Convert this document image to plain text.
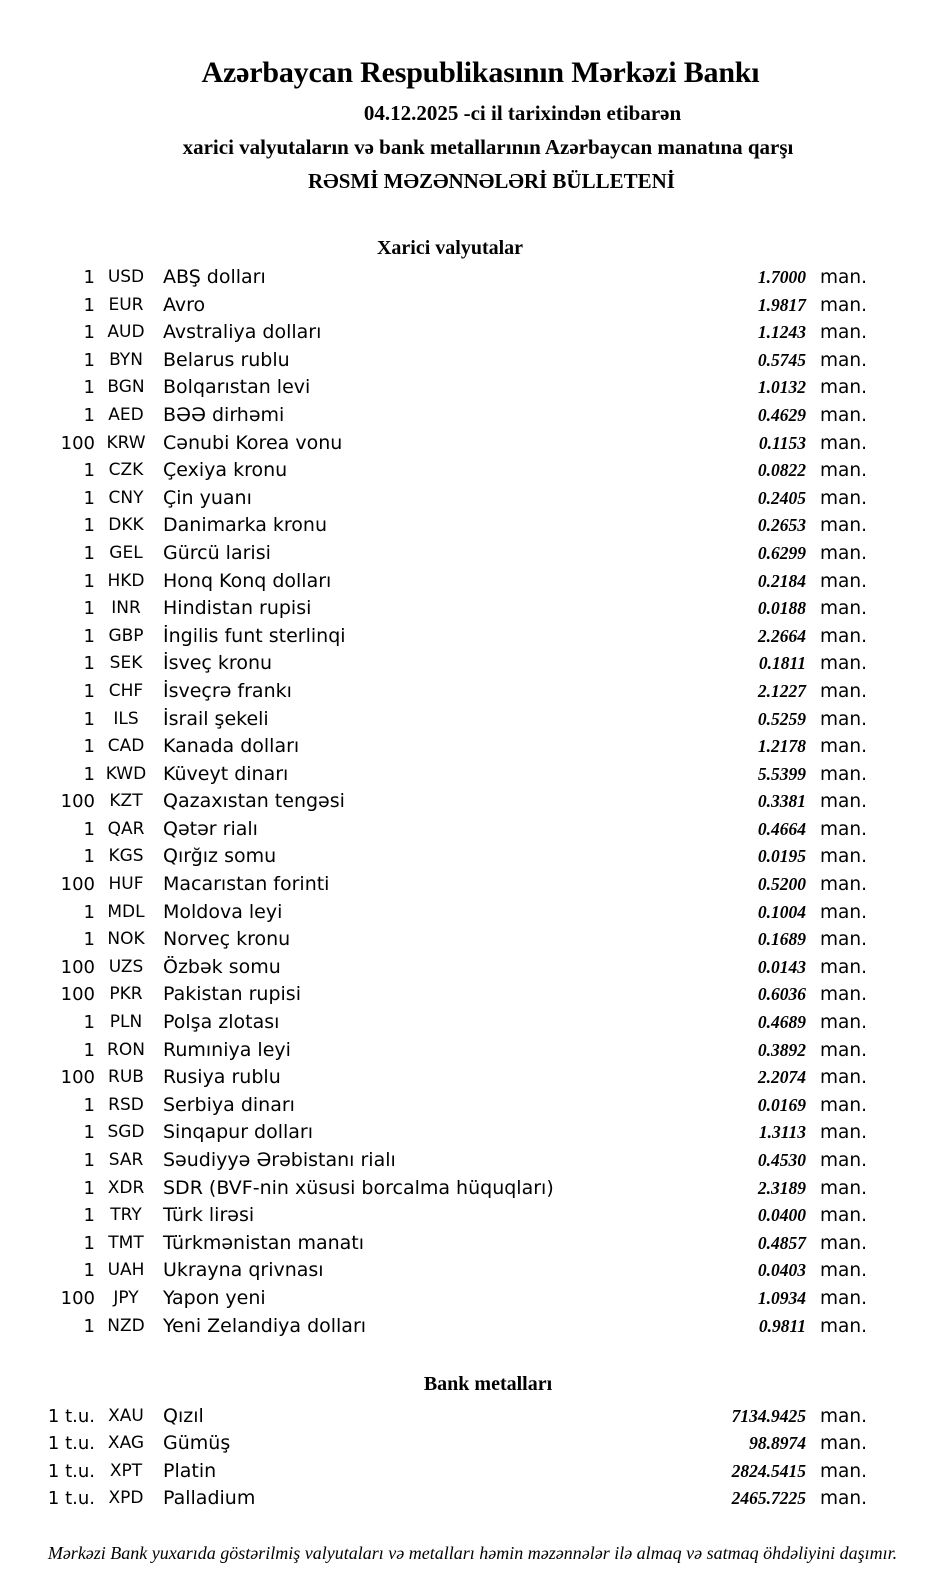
Azərbaycan Respublikasının Mərkəzi Bankı
04.12.2025 -ci il tarixindən etibarən
xarici valyutaların və bank metallarının Azərbaycan manatına qarşı
RƏSMİ MƏZƏNNƏLƏRİ BÜLLETENİ
Xarici valyutalar
1 USD ABŞ dolları	1.7000 man.
1 EUR	Avro	1.9817 man.
1 AUD Avstraliya dolları	1.1243 man.
1 BYN	Belarus rublu	0.5745 man.
1 BGN Bolqarıstan levi	1.0132 man.
1 AED	BƏƏ dirhəmi	0.4629 man.
100 KRW Cənubi Korea vonu	0.1153 man.
1 CZK	Çexiya kronu	0.0822 man.
1 CNY	Çin yuanı	0.2405 man.
1 DKK	Danimarka kronu	0.2653 man.
1 GEL	Gürcü larisi	0.6299 man.
1 HKD Honq Konq dolları	0.2184 man.
1 INR	Hindistan rupisi	0.0188 man.
1 GBP	İngilis funt sterlinqi	2.2664 man.
1 SEK	İsveç kronu	0.1811 man.
1 CHF	İsveçrə frankı	2.1227 man.
1	ILS	İsrail şekeli	0.5259 man.
1 CAD Kanada dolları	1.2178 man.
1 KWD Küveyt dinarı	5.5399 man.
100 KZT	Qazaxıstan tengəsi	0.3381 man.
1 QAR Qətər rialı	0.4664 man.
1 KGS	Qırğız somu	0.0195 man.
100 HUF	Macarıstan forinti	0.5200 man.
1 MDL Moldova leyi	0.1004 man.
1 NOK Norveç kronu	0.1689 man.
100 UZS	Özbək somu	0.0143 man.
100 PKR	Pakistan rupisi	0.6036 man.
1 PLN	Polşa zlotası	0.4689 man.
1 RON Rumıniya leyi	0.3892 man.
100 RUB	Rusiya rublu	2.2074 man.
1 RSD	Serbiya dinarı	0.0169 man.
1 SGD Sinqapur dolları	1.3113 man.
1 SAR	Səudiyyə Ərəbistanı rialı	0.4530 man.
1 XDR SDR (BVF-nin xüsusi borcalma hüquqları)	2.3189 man.
1 TRY	Türk lirəsi	0.0400 man.
1 TMT	Türkmənistan manatı	0.4857 man.
1 UAH Ukrayna qrivnası	0.0403 man.
100	JPY	Yapon yeni	1.0934 man.
1 NZD Yeni Zelandiya dolları	0.9811 man.
Bank metalları
1 t.u. XAU	Qızıl	7134.9425 man.
1 t.u. XAG Gümüş	98.8974 man.
1 t.u. XPT	Platin	2824.5415 man.
1 t.u. XPD	Palladium	2465.7225 man.
Mərkəzi Bank yuxarıda göstərilmiş valyutaları və metalları həmin məzənnələr ilə almaq və satmaq öhdəliyini daşımır.
